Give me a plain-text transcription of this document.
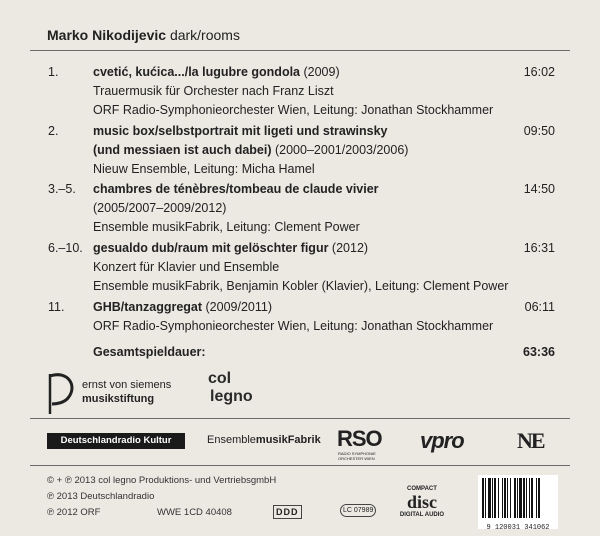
Marko Nikodijevic dark/rooms
1.	cvetić, kućica.../la lugubre gondola (2009)
Trauermusik für Orchester nach Franz Liszt
ORF Radio-Symphonieorchester Wien, Leitung: Jonathan Stockhammer
16:02
2.	music box/selbstportrait mit ligeti und strawinsky
(und messiaen ist auch dabei) (2000–2001/2003/2006)
Nieuw Ensemble, Leitung: Micha Hamel
09:50
3.–5. chambres de ténèbres/tombeau de claude vivier
(2005/2007–2009/2012)
Ensemble musikFabrik, Leitung: Clement Power
14:50
6.–10. gesualdo dub/raum mit gelöschter figur (2012)
Konzert für Klavier und Ensemble
Ensemble musikFabrik, Benjamin Kobler (Klavier), Leitung: Clement Power
16:31
11. GHB/tanzaggregat (2009/2011)
ORF Radio-Symphonieorchester Wien, Leitung: Jonathan Stockhammer
06:11
Gesamtspieldauer:	63:36
ernst von siemens
musikstiftung
col
legno
Deutschlandradio Kultur	EnsemblemusikFabrik RSO
RADIO SYMPHONIE ORCHESTER WIEN
vpro NE
© + ℗ 2013 col legno Produktions- und VertriebsgmbH
℗ 2013 Deutschlandradio
℗ 2012 ORF	WWE 1CD 40408	DDD	LC 07989
COMPACT
disc
DIGITAL AUDIO
9 120031 341062
